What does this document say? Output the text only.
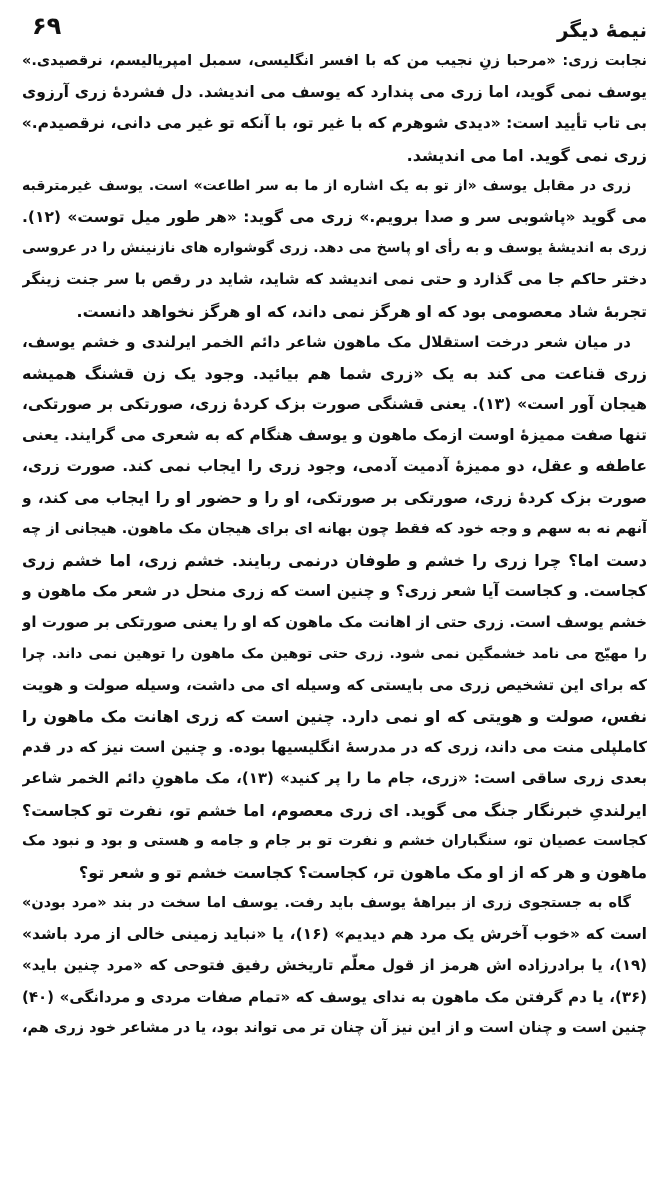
نیمهٔ دیگر
۶۹
نجابت زری: «مرحبا زنِ نجیب من که با افسر انگلیسی، سمبل امپریالیسم، نرقصیدی.»
یوسف نمی گوید، اما زری می پندارد که یوسف می اندیشد. دل فشردهٔ زری آرزوی
بی تاب تأیید است: «دیدی شوهرم که با غیر تو، با آنکه تو غیر می دانی، نرقصیدم.»
زری نمی گوید. اما می اندیشد.
زری در مقابل یوسف «از تو به یک اشاره از ما به سر اطاعت» است. یوسف غیرمترقبه
می گوید «پاشوبی سر و صدا برویم.» زری می گوید: «هر طور میل توست» (۱۲).
زری به اندیشهٔ یوسف و به رأی او پاسخ می دهد. زری گوشواره های نازنینش را در عروسی
دختر حاکم جا می گذارد و حتی نمی اندیشد که شاید، شاید در رقص با سر جنت زینگر
تجربهٔ شاد معصومی بود که او هرگز نمی داند، که او هرگز نخواهد دانست.
در میان شعر درخت استقلال مک ماهون شاعر دائم الخمر ایرلندی و خشم یوسف،
زری قناعت می کند به یک «زری شما هم بیائید. وجود یک زن قشنگ همیشه
هیجان آور است» (۱۳). یعنی قشنگی صورت بزک کردهٔ زری، صورتکی بر صورتکی،
تنها صفت ممیزهٔ اوست ازمک ماهون و یوسف هنگام که به شعری می گرایند. یعنی
عاطفه و عقل، دو ممیزهٔ آدمیت آدمی، وجود زری را ایجاب نمی کند. صورت زری،
صورت بزک کردهٔ زری، صورتکی بر صورتکی، او را و حضور او را ایجاب می کند، و
آنهم نه به سهم و وجه خود که فقط چون بهانه ای برای هیجان مک ماهون. هیجانی از چه
دست اما؟ چرا زری را خشم و طوفان درنمی ربایند. خشم زری، اما خشم زری
کجاست. و کجاست آیا شعر زری؟ و چنین است که زری منحل در شعر مک ماهون و
خشم یوسف است. زری حتی از اهانت مک ماهون که او را یعنی صورتکی بر صورت او
را مهیّج می نامد خشمگین نمی شود. زری حتی توهین مک ماهون را توهین نمی داند. چرا
که برای این تشخیص زری می بایستی که وسیله ای می داشت، وسیله صولت و هویت
نفس، صولت و هویتی که او نمی دارد. چنین است که زری اهانت مک ماهون را
کاملپلی منت می داند، زری که در مدرسهٔ انگلیسیها بوده. و چنین است نیز که در قدم
بعدی زری ساقی است: «زری، جام ما را پر کنید» (۱۳)، مک ماهونِ دائم الخمر شاعر
ایرلندیِ خبرنگار جنگ می گوید. ای زری معصوم، اما خشم تو، نفرت تو کجاست؟
کجاست عصیان تو، سنگباران خشم و نفرت تو بر جام و جامه و هستی و بود و نبود مک
ماهون و هر که از او مک ماهون تر، کجاست؟ کجاست خشم تو و شعر تو؟
گاه به جستجوی زری از بیراههٔ یوسف باید رفت. یوسف اما سخت در بند «مرد بودن»
است که «خوب آخرش یک مرد هم دیدیم» (۱۶)، یا «نباید زمینی خالی از مرد باشد»
(۱۹)، یا برادرزاده اش هرمز از قول معلّم تاریخش رفیق فتوحی که «مرد چنین باید»
(۳۶)، یا دم گرفتن مک ماهون به ندای یوسف که «تمام صفات مردی و مردانگی» (۴۰)
چنین است و چنان است و از این نیز آن چنان تر می تواند بود، یا در مشاعر خود زری هم،
